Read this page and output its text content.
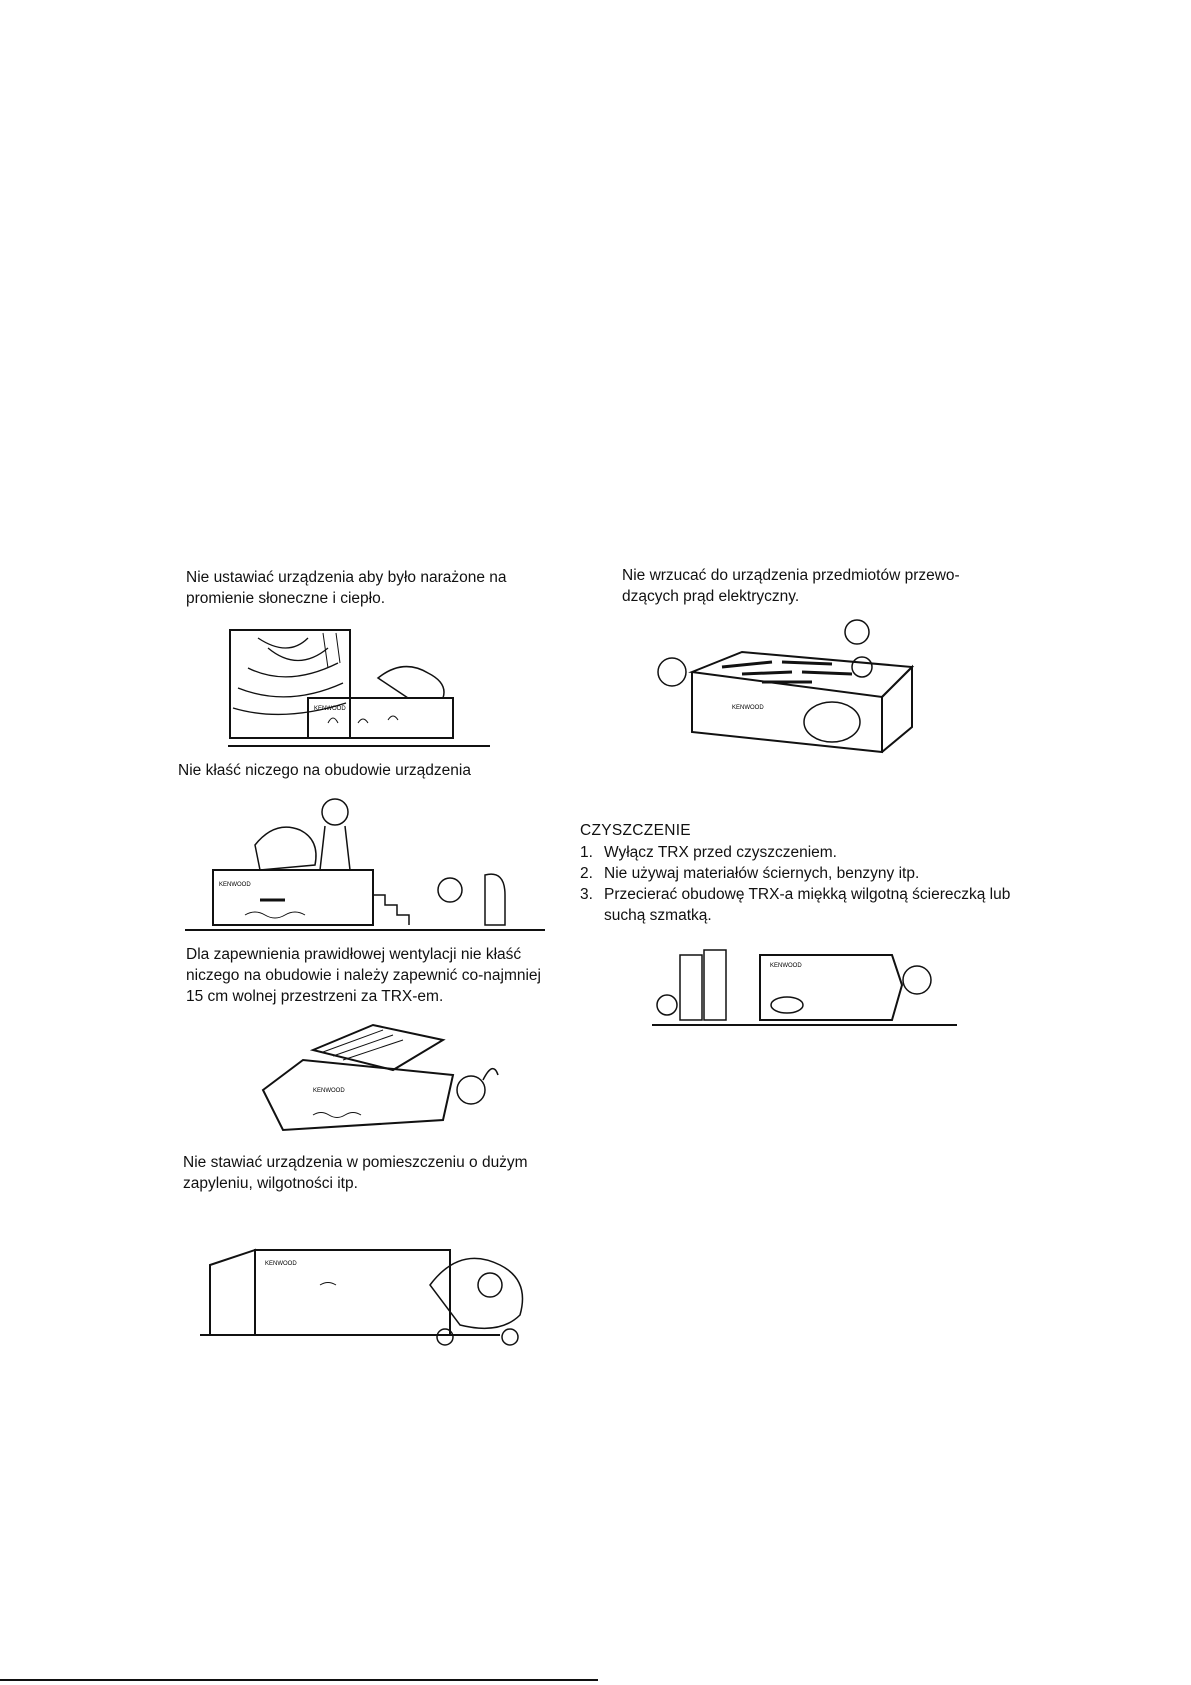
Nie ustawiać urządzenia aby było narażone na promienie słoneczne i ciepło.
KENWOOD
Nie kłaść niczego na obudowie urządzenia
KENWOOD
Dla zapewnienia prawidłowej wentylacji nie kłaść niczego na obudowie i należy zapewnić co-najmniej 15 cm wolnej przestrzeni za TRX-em.
KENWOOD
Nie stawiać urządzenia w pomieszczeniu o dużym zapyleniu, wilgotności itp.
KENWOOD
Nie wrzucać do urządzenia przedmiotów przewo-dzących prąd elektryczny.
KENWOOD
CZYSZCZENIE
1. Wyłącz TRX przed czyszczeniem.
2. Nie używaj materiałów ściernych, benzyny itp.
3. Przecierać obudowę TRX-a miękką wilgotną ściereczką lub suchą szmatką.
KENWOOD
